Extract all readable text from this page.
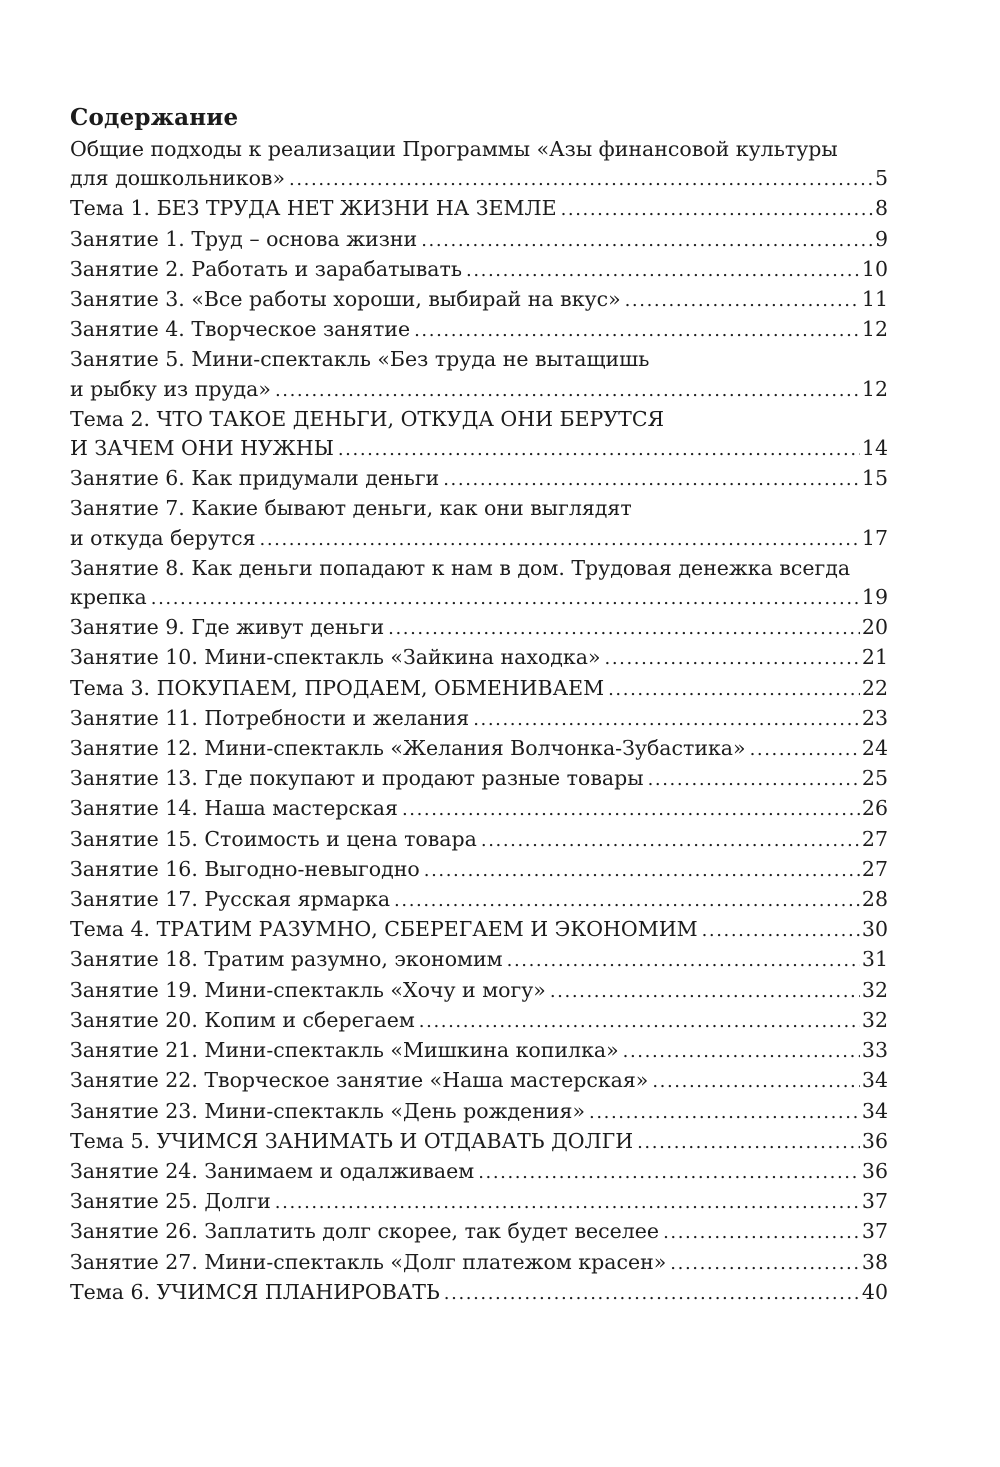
Содержание
Общие подходы к реализации Программы «Азы финансовой культуры
для дошкольников» .....	5
Тема 1. БЕЗ ТРУДА НЕТ ЖИЗНИ НА ЗЕМЛЕ .....	8
Занятие 1. Труд – основа жизни .....	9
Занятие 2. Работать и зарабатывать .....	10
Занятие 3. «Все работы хороши, выбирай на вкус» .....	11
Занятие 4. Творческое занятие .....	12
Занятие 5. Мини-спектакль «Без труда не вытащишь
и рыбку из пруда» .....	12
Тема 2. ЧТО ТАКОЕ ДЕНЬГИ, ОТКУДА ОНИ БЕРУТСЯ
И ЗАЧЕМ ОНИ НУЖНЫ .....	14
Занятие 6. Как придумали деньги .....	15
Занятие 7. Какие бывают деньги, как они выглядят
и откуда берутся .....	17
Занятие 8. Как деньги попадают к нам в дом. Трудовая денежка всегда
крепка .....	19
Занятие 9. Где живут деньги .....	20
Занятие 10. Мини-спектакль «Зайкина находка» .....	21
Тема 3. ПОКУПАЕМ, ПРОДАЕМ, ОБМЕНИВАЕМ .....	22
Занятие 11. Потребности и желания .....	23
Занятие 12. Мини-спектакль «Желания Волчонка-Зубастика» .....	24
Занятие 13. Где покупают и продают разные товары .....	25
Занятие 14. Наша мастерская .....	26
Занятие 15. Стоимость и цена товара .....	27
Занятие 16. Выгодно-невыгодно .....	27
Занятие 17. Русская ярмарка .....	28
Тема 4. ТРАТИМ РАЗУМНО, СБЕРЕГАЕМ И ЭКОНОМИМ .....	30
Занятие 18. Тратим разумно, экономим .....	31
Занятие 19. Мини-спектакль «Хочу и могу» .....	32
Занятие 20. Копим и сберегаем .....	32
Занятие 21. Мини-спектакль «Мишкина копилка» .....	33
Занятие 22. Творческое занятие «Наша мастерская» .....	34
Занятие 23. Мини-спектакль «День рождения» .....	34
Тема 5. УЧИМСЯ ЗАНИМАТЬ И ОТДАВАТЬ ДОЛГИ .....	36
Занятие 24. Занимаем и одалживаем .....	36
Занятие 25. Долги .....	37
Занятие 26. Заплатить долг скорее, так будет веселее .....	37
Занятие 27. Мини-спектакль «Долг платежом красен» .....	38
Тема 6. УЧИМСЯ ПЛАНИРОВАТЬ .....	40
